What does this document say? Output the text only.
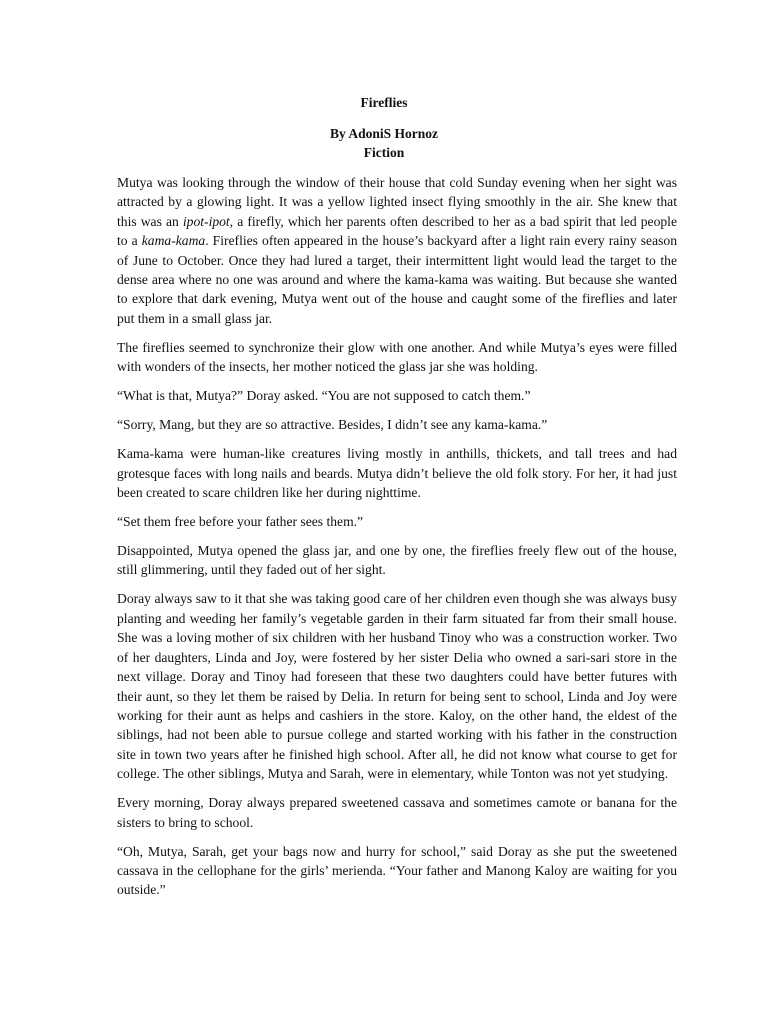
Fireflies
By AdoniS Hornoz
Fiction

Mutya was looking through the window of their house that cold Sunday evening when her sight was attracted by a glowing light. It was a yellow lighted insect flying smoothly in the air. She knew that this was an ipot-ipot, a firefly, which her parents often described to her as a bad spirit that led people to a kama-kama. Fireflies often appeared in the house’s backyard after a light rain every rainy season of June to October. Once they had lured a target, their intermittent light would lead the target to the dense area where no one was around and where the kama-kama was waiting. But because she wanted to explore that dark evening, Mutya went out of the house and caught some of the fireflies and later put them in a small glass jar.

The fireflies seemed to synchronize their glow with one another. And while Mutya’s eyes were filled with wonders of the insects, her mother noticed the glass jar she was holding.

“What is that, Mutya?” Doray asked. “You are not supposed to catch them.”

“Sorry, Mang, but they are so attractive. Besides, I didn’t see any kama-kama.”

Kama-kama were human-like creatures living mostly in anthills, thickets, and tall trees and had grotesque faces with long nails and beards. Mutya didn’t believe the old folk story. For her, it had just been created to scare children like her during nighttime.

“Set them free before your father sees them.”

Disappointed, Mutya opened the glass jar, and one by one, the fireflies freely flew out of the house, still glimmering, until they faded out of her sight.

Doray always saw to it that she was taking good care of her children even though she was always busy planting and weeding her family’s vegetable garden in their farm situated far from their small house. She was a loving mother of six children with her husband Tinoy who was a construction worker. Two of her daughters, Linda and Joy, were fostered by her sister Delia who owned a sari-sari store in the next village. Doray and Tinoy had foreseen that these two daughters could have better futures with their aunt, so they let them be raised by Delia. In return for being sent to school, Linda and Joy were working for their aunt as helps and cashiers in the store. Kaloy, on the other hand, the eldest of the siblings, had not been able to pursue college and started working with his father in the construction site in town two years after he finished high school. After all, he did not know what course to get for college. The other siblings, Mutya and Sarah, were in elementary, while Tonton was not yet studying.

Every morning, Doray always prepared sweetened cassava and sometimes camote or banana for the sisters to bring to school.

“Oh, Mutya, Sarah, get your bags now and hurry for school,” said Doray as she put the sweetened cassava in the cellophane for the girls’ merienda. “Your father and Manong Kaloy are waiting for you outside.”
